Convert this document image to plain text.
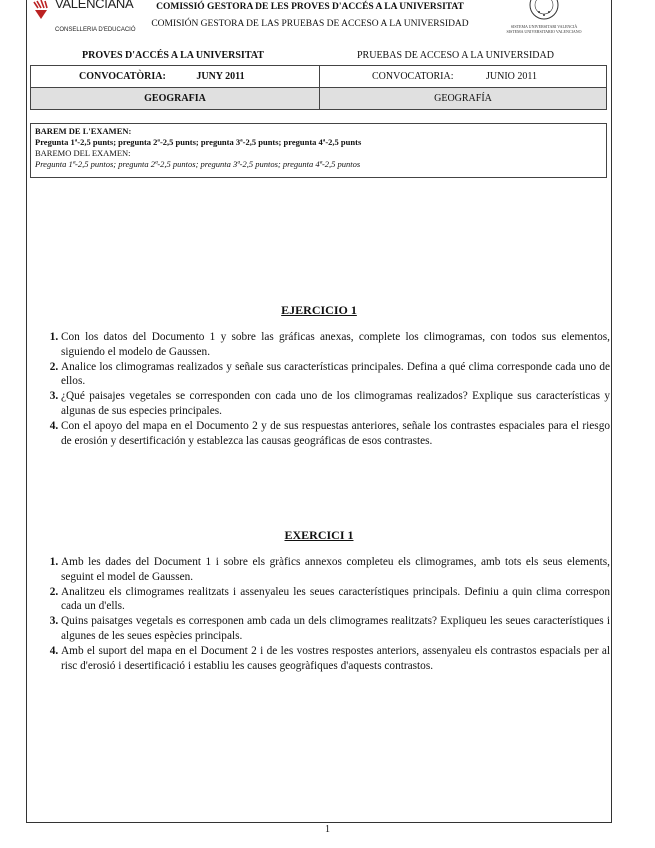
VALENCIANA
CONSELLERIA D'EDUCACIÓ
COMISSIÓ GESTORA DE LES PROVES D'ACCÉS A LA UNIVERSITAT
COMISIÓN GESTORA DE LAS PRUEBAS DE ACCESO A LA UNIVERSIDAD	SISTEMA UNIVERSITARI VALENCIÀ
SISTEMA UNIVERSITARIO VALENCIANO
PROVES D'ACCÉS A LA UNIVERSITAT	PRUEBAS DE ACCESO A LA UNIVERSIDAD
CONVOCATÒRIA: JUNY 2011	CONVOCATORIA: JUNIO 2011
GEOGRAFIA	GEOGRAFÍA
BAREM DE L'EXAMEN:
Pregunta 1ª-2,5 punts; pregunta 2ª-2,5 punts; pregunta 3ª-2,5 punts; pregunta 4ª-2,5 punts
BAREMO DEL EXAMEN:
Pregunta 1ª-2,5 puntos; pregunta 2ª-2,5 puntos; pregunta 3ª-2,5 puntos; pregunta 4ª-2,5 puntos
EJERCICIO 1
1. Con los datos del Documento 1 y sobre las gráficas anexas, complete los climogramas, con todos sus elementos, siguiendo el modelo de Gaussen.
2. Analice los climogramas realizados y señale sus características principales. Defina a qué clima corresponde cada uno de ellos.
3. ¿Qué paisajes vegetales se corresponden con cada uno de los climogramas realizados? Explique sus características y algunas de sus especies principales.
4. Con el apoyo del mapa en el Documento 2 y de sus respuestas anteriores, señale los contrastes espaciales para el riesgo de erosión y desertificación y establezca las causas geográficas de esos contrastes.
EXERCICI 1
1. Amb les dades del Document 1 i sobre els gràfics annexos completeu els climogrames, amb tots els seus elements, seguint el model de Gaussen.
2. Analitzeu els climogrames realitzats i assenyaleu les seues característiques principals. Definiu a quin clima correspon cada un d'ells.
3. Quins paisatges vegetals es corresponen amb cada un dels climogrames realitzats? Expliqueu les seues característiques i algunes de les seues espècies principals.
4. Amb el suport del mapa en el Document 2 i de les vostres respostes anteriors, assenyaleu els contrastos espacials per al risc d'erosió i desertificació i establiu les causes geogràfiques d'aquests contrastos.
1
